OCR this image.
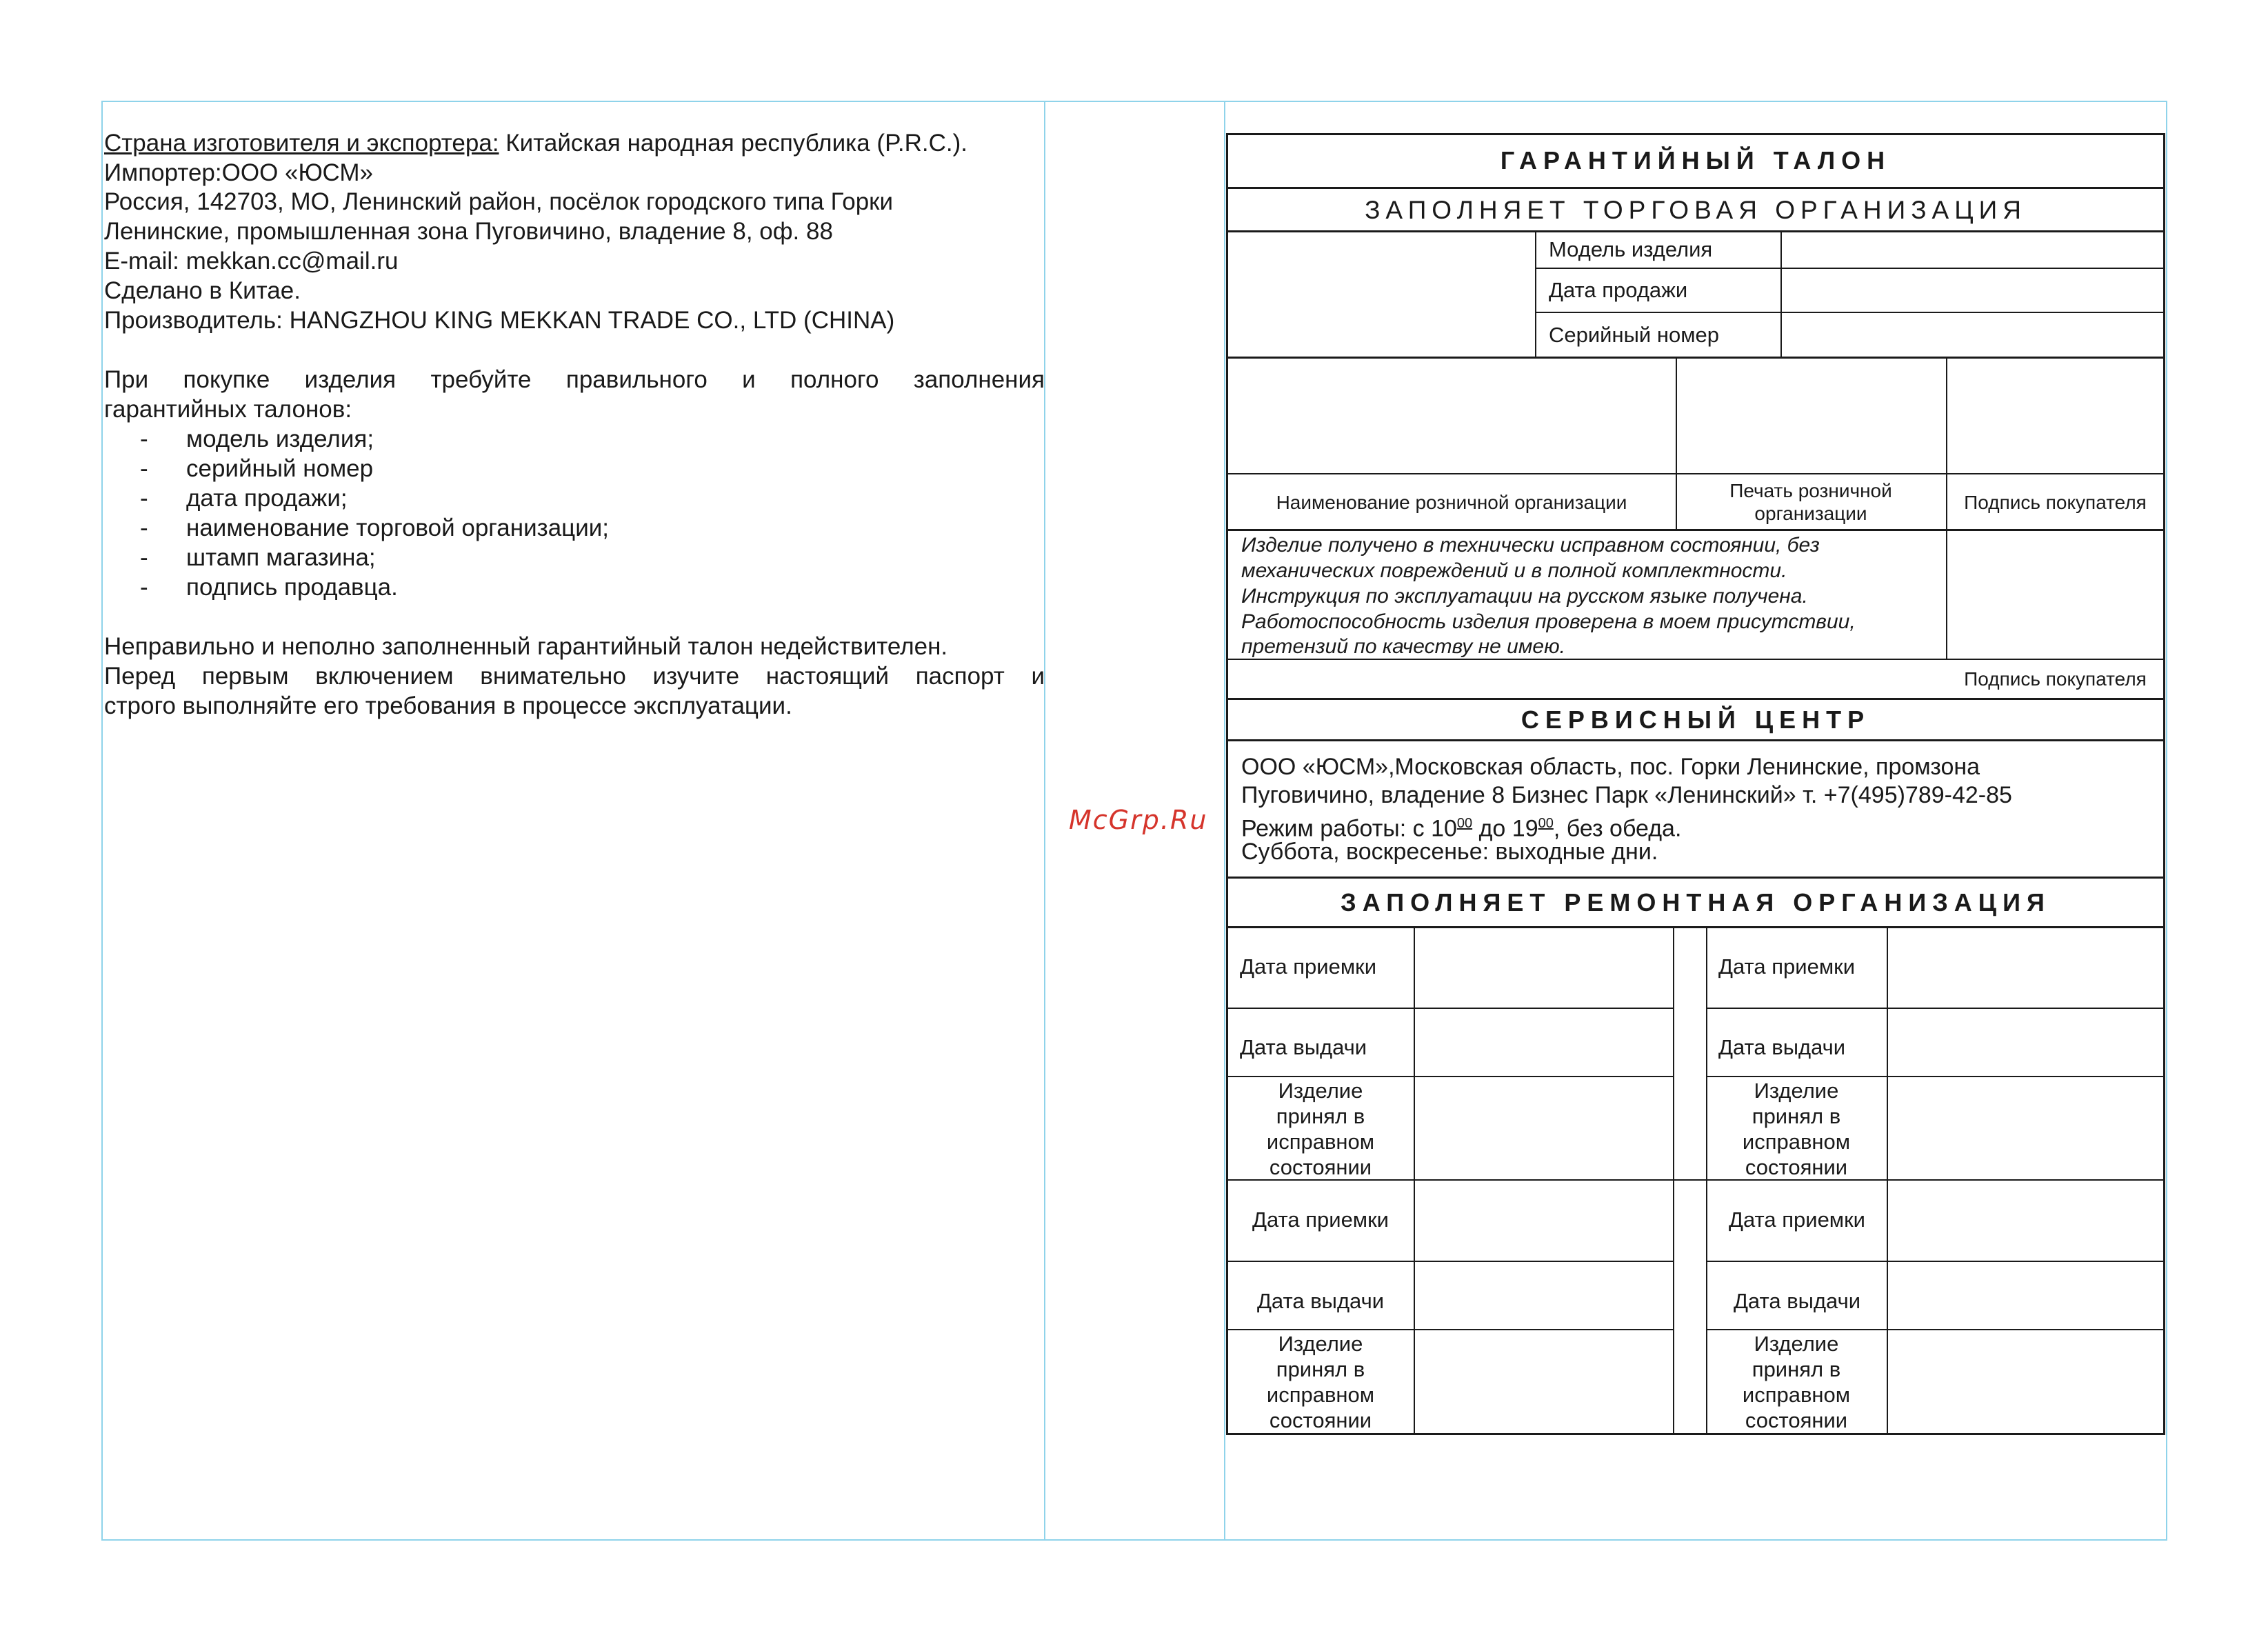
Страна изготовителя и экспортера: Китайская народная республика (P.R.C.).
Импортер:ООО «ЮСМ»
Россия, 142703, МО, Ленинский район, посёлок городского типа Горки
Ленинские, промышленная зона Пуговичино, владение 8, оф. 88
E-mail: mekkan.cc@mail.ru
Сделано в Китае.
Производитель: HANGZHOU KING MEKKAN TRADE CO., LTD (CHINA)
При покупке изделия требуйте правильного и полного заполнения
гарантийных талонов:
- модель изделия;
- серийный номер
- дата продажи;
- наименование торговой организации;
- штамп магазина;
- подпись продавца.
Неправильно и неполно заполненный гарантийный талон недействителен.
Перед первым включением внимательно изучите настоящий паспорт и
строго выполняйте его требования в процессе эксплуатации.
McGrp.Ru
ГАРАНТИЙНЫЙ ТАЛОН
ЗАПОЛНЯЕТ ТОРГОВАЯ ОРГАНИЗАЦИЯ
Модель изделия
Дата продажи
Серийный номер
Наименование розничной организации
Печать розничной организации
Подпись покупателя
Изделие получено в технически исправном состоянии, без
механических повреждений и в полной комплектности.
Инструкция по эксплуатации на русском языке получена.
Работоспособность изделия проверена в моем присутствии,
претензий по качеству не имею.
Подпись покупателя
СЕРВИСНЫЙ ЦЕНТР
ООО «ЮСМ»,Московская область, пос. Горки Ленинские, промзона
Пуговичино, владение 8 Бизнес Парк «Ленинский» т. +7(495)789-42-85
Режим работы: с $10^{00}$ до $19^{00}$, без обеда.
Суббота, воскресенье: выходные дни.
ЗАПОЛНЯЕТ РЕМОНТНАЯ ОРГАНИЗАЦИЯ
Дата приемки
Дата выдачи
Изделие принял в исправном состоянии
Дата приемки
Дата выдачи
Изделие принял в исправном состоянии
Дата приемки
Дата выдачи
Изделие принял в исправном состоянии
Дата приемки
Дата выдачи
Изделие принял в исправном состоянии
